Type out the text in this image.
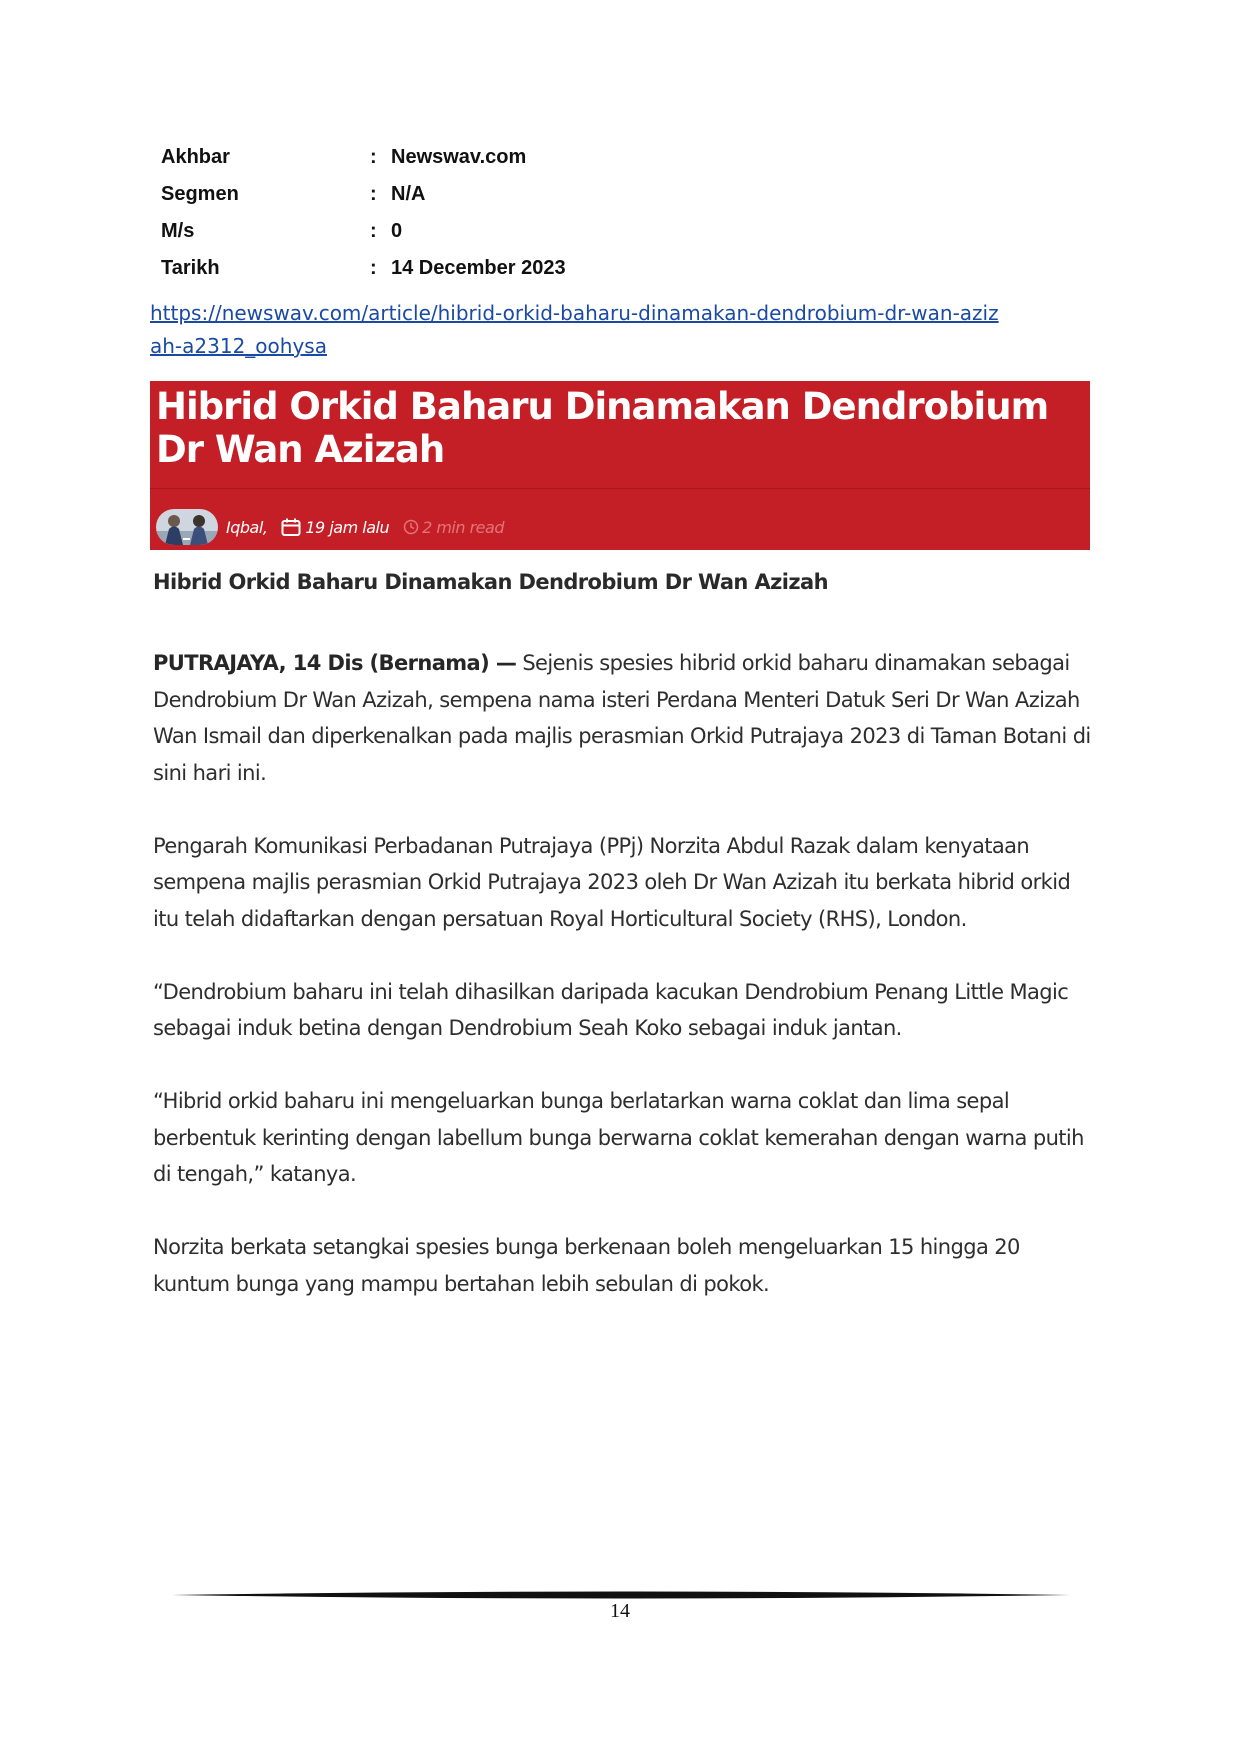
Akhbar	:	Newswav.com
Segmen	:	N/A
M/s	:	0
Tarikh	:	14 December 2023
https://newswav.com/article/hibrid-orkid-baharu-dinamakan-dendrobium-dr-wan-azizah-a2312_oohysa
Hibrid Orkid Baharu Dinamakan Dendrobium Dr Wan Azizah
Iqbal, 19 jam lalu 2 min read
Hibrid Orkid Baharu Dinamakan Dendrobium Dr Wan Azizah

PUTRAJAYA, 14 Dis (Bernama) — Sejenis spesies hibrid orkid baharu dinamakan sebagai Dendrobium Dr Wan Azizah, sempena nama isteri Perdana Menteri Datuk Seri Dr Wan Azizah Wan Ismail dan diperkenalkan pada majlis perasmian Orkid Putrajaya 2023 di Taman Botani di sini hari ini.

Pengarah Komunikasi Perbadanan Putrajaya (PPj) Norzita Abdul Razak dalam kenyataan sempena majlis perasmian Orkid Putrajaya 2023 oleh Dr Wan Azizah itu berkata hibrid orkid itu telah didaftarkan dengan persatuan Royal Horticultural Society (RHS), London.

“Dendrobium baharu ini telah dihasilkan daripada kacukan Dendrobium Penang Little Magic sebagai induk betina dengan Dendrobium Seah Koko sebagai induk jantan.

“Hibrid orkid baharu ini mengeluarkan bunga berlatarkan warna coklat dan lima sepal berbentuk kerinting dengan labellum bunga berwarna coklat kemerahan dengan warna putih di tengah,” katanya.

Norzita berkata setangkai spesies bunga berkenaan boleh mengeluarkan 15 hingga 20 kuntum bunga yang mampu bertahan lebih sebulan di pokok.

14
